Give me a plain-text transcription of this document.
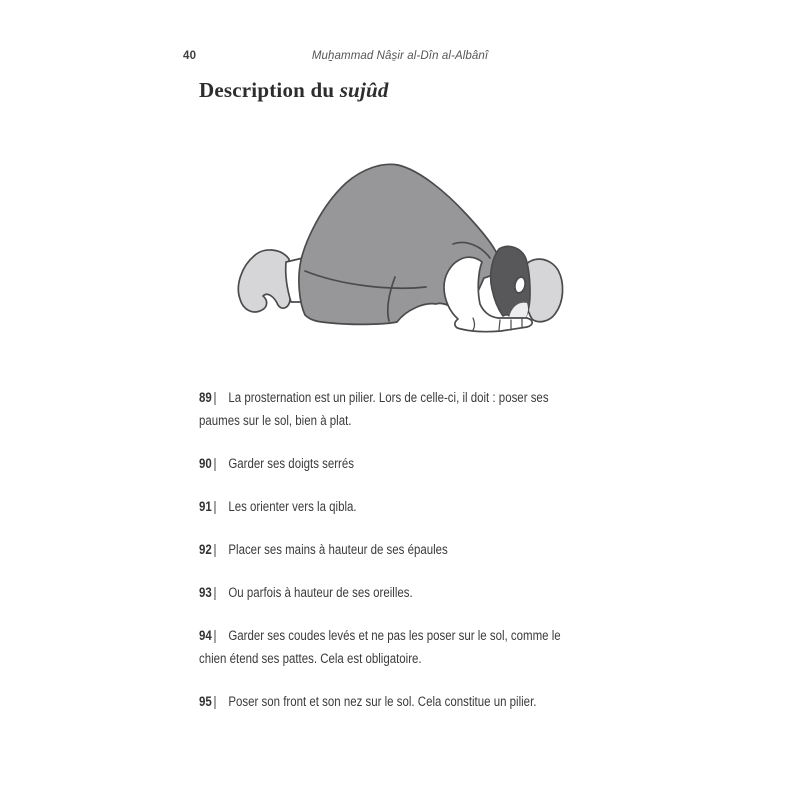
40	Muẖammad Nâs̱ir al-Dîn al-Albânî
Description du sujûd

89 | La prosternation est un pilier. Lors de celle-ci, il doit : poser ses paumes sur le sol, bien à plat.

90 | Garder ses doigts serrés

91 | Les orienter vers la qibla.

92 | Placer ses mains à hauteur de ses épaules

93 | Ou parfois à hauteur de ses oreilles.

94 | Garder ses coudes levés et ne pas les poser sur le sol, comme le chien étend ses pattes. Cela est obligatoire.

95 | Poser son front et son nez sur le sol. Cela constitue un pilier.
